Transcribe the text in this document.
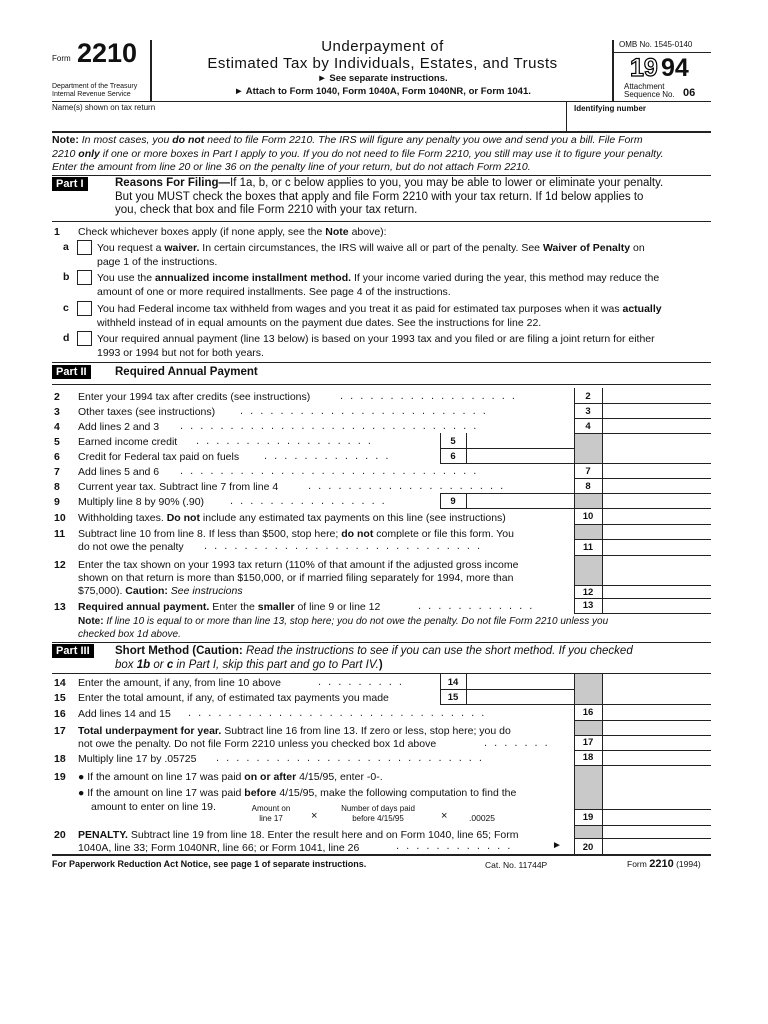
Form 2210
Department of the Treasury
Internal Revenue Service
Underpayment of
Estimated Tax by Individuals, Estates, and Trusts
► See separate instructions.
► Attach to Form 1040, Form 1040A, Form 1040NR, or Form 1041.
OMB No. 1545-0140
19 94
Attachment
Sequence No. 06
Name(s) shown on tax return	Identifying number
Note: In most cases, you do not need to file Form 2210. The IRS will figure any penalty you owe and send you a bill. File Form
2210 only if one or more boxes in Part I apply to you. If you do not need to file Form 2210, you still may use it to figure your penalty.
Enter the amount from line 20 or line 36 on the penalty line of your return, but do not attach Form 2210.
Part I	Reasons For Filing—If 1a, b, or c below applies to you, you may be able to lower or eliminate your penalty.
But you MUST check the boxes that apply and file Form 2210 with your tax return. If 1d below applies to
you, check that box and file Form 2210 with your tax return.
1	Check whichever boxes apply (if none apply, see the Note above):
a	You request a waiver. In certain circumstances, the IRS will waive all or part of the penalty. See Waiver of Penalty on
page 1 of the instructions.
b	You use the annualized income installment method. If your income varied during the year, this method may reduce the
amount of one or more required installments. See page 4 of the instructions.
c	You had Federal income tax withheld from wages and you treat it as paid for estimated tax purposes when it was actually
withheld instead of in equal amounts on the payment due dates. See the instructions for line 22.
d	Your required annual payment (line 13 below) is based on your 1993 tax and you filed or are filing a joint return for either
1993 or 1994 but not for both years.
Part II	Required Annual Payment
2	Enter your 1994 tax after credits (see instructions)	. . . . . . . . . . . . . . . . . .	2
3	Other taxes (see instructions) . . . . . . . . . . . . . . . . . . . . . . . . .	3
4	Add lines 2 and 3 . . . . . . . . . . . . . . . . . . . . . . . . . . . . . .	4
5	Earned income credit . . . . . . . . . . . . . . . . . .	5
6	Credit for Federal tax paid on fuels . . . . . . . . . . . . .	6
7	Add lines 5 and 6 . . . . . . . . . . . . . . . . . . . . . . . . . . . . . .	7
8	Current year tax. Subtract line 7 from line 4	. . . . . . . . . . . . . . . . . . . .	8
9	Multiply line 8 by 90% (.90) . . . . . . . . . . . . . . . .	9
10 Withholding taxes. Do not include any estimated tax payments on this line (see instructions)	10
11 Subtract line 10 from line 8. If less than $500, stop here; do not complete or file this form. You
do not owe the penalty	. . . . . . . . . . . . . . . . . . . . . . . . . . . .	11
12 Enter the tax shown on your 1993 tax return (110% of that amount if the adjusted gross income
shown on that return is more than $150,000, or if married filing separately for 1994, more than
$75,000). Caution: See instrucions	12
13 Required annual payment. Enter the smaller of line 9 or line 12	. . . . . . . . . . . .	13
Note: If line 10 is equal to or more than line 13, stop here; you do not owe the penalty. Do not file Form 2210 unless you
checked box 1d above.
Part III	Short Method (Caution: Read the instructions to see if you can use the short method. If you checked
box 1b or c in Part I, skip this part and go to Part IV.)
14 Enter the amount, if any, from line 10 above	. . . . . . . . .	14
15 Enter the total amount, if any, of estimated tax payments you made	15
16 Add lines 14 and 15 . . . . . . . . . . . . . . . . . . . . . . . . . . . . . .	16
17 Total underpayment for year. Subtract line 16 from line 13. If zero or less, stop here; you do
not owe the penalty. Do not file Form 2210 unless you checked box 1d above	. . . . . . .	17
18 Multiply line 17 by .05725 . . . . . . . . . . . . . . . . . . . . . . . . . . .	18
19 ● If the amount on line 17 was paid on or after 4/15/95, enter -0-.
● If the amount on line 17 was paid before 4/15/95, make the following computation to find the
amount to enter on line 19.	Amount on
line 17	×
Number of days paid
before 4/15/95	×	.00025	19
20 PENALTY. Subtract line 19 from line 18. Enter the result here and on Form 1040, line 65; Form
1040A, line 33; Form 1040NR, line 66; or Form 1041, line 26	. . . . . . . . . . . .	►	20
For Paperwork Reduction Act Notice, see page 1 of separate instructions.	Cat. No. 11744P	Form 2210 (1994)
